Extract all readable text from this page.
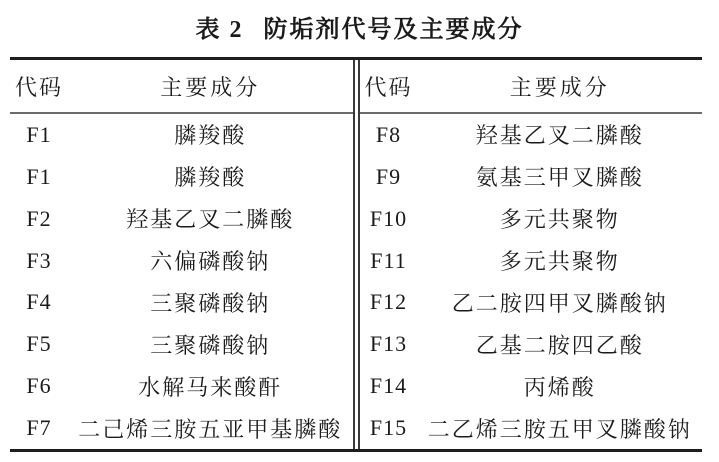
表 2 防垢剂代号及主要成分
代码	主要成分
F1	膦羧酸
F1	膦羧酸
F2	羟基乙叉二膦酸
F3	六偏磷酸钠
F4	三聚磷酸钠
F5	三聚磷酸钠
F6	水解马来酸酐
F7	二己烯三胺五亚甲基膦酸
代码	主要成分
F8	羟基乙叉二膦酸
F9	氨基三甲叉膦酸
F10	多元共聚物
F11	多元共聚物
F12	乙二胺四甲叉膦酸钠
F13	乙基二胺四乙酸
F14	丙烯酸
F15 二乙烯三胺五甲叉膦酸钠
